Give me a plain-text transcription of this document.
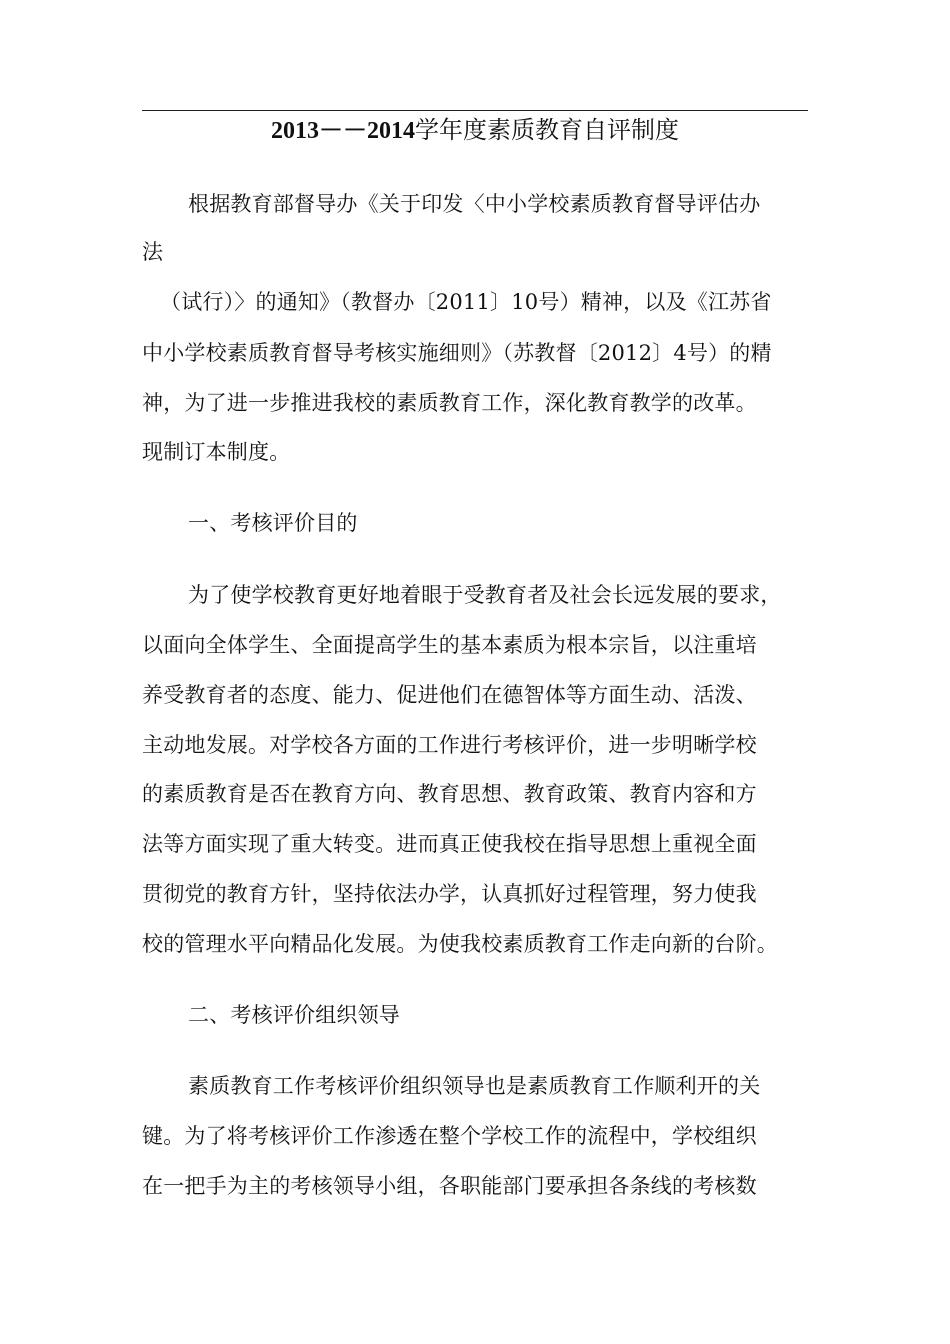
2013－－2014学年度素质教育自评制度
根据教育部督导办《关于印发〈中小学校素质教育督导评估办
法
（试行）〉的通知》（教督办〔2011〕10号）精神，以及《江苏省
中小学校素质教育督导考核实施细则》（苏教督〔2012〕4号）的精
神，为了进一步推进我校的素质教育工作，深化教育教学的改革。
现制订本制度。
一、考核评价目的
为了使学校教育更好地着眼于受教育者及社会长远发展的要求，
以面向全体学生、全面提高学生的基本素质为根本宗旨，以注重培
养受教育者的态度、能力、促进他们在德智体等方面生动、活泼、
主动地发展。对学校各方面的工作进行考核评价，进一步明晰学校
的素质教育是否在教育方向、教育思想、教育政策、教育内容和方
法等方面实现了重大转变。进而真正使我校在指导思想上重视全面
贯彻党的教育方针，坚持依法办学，认真抓好过程管理，努力使我
校的管理水平向精品化发展。为使我校素质教育工作走向新的台阶。
二、考核评价组织领导
素质教育工作考核评价组织领导也是素质教育工作顺利开的关
键。为了将考核评价工作渗透在整个学校工作的流程中，学校组织
在一把手为主的考核领导小组，各职能部门要承担各条线的考核数
